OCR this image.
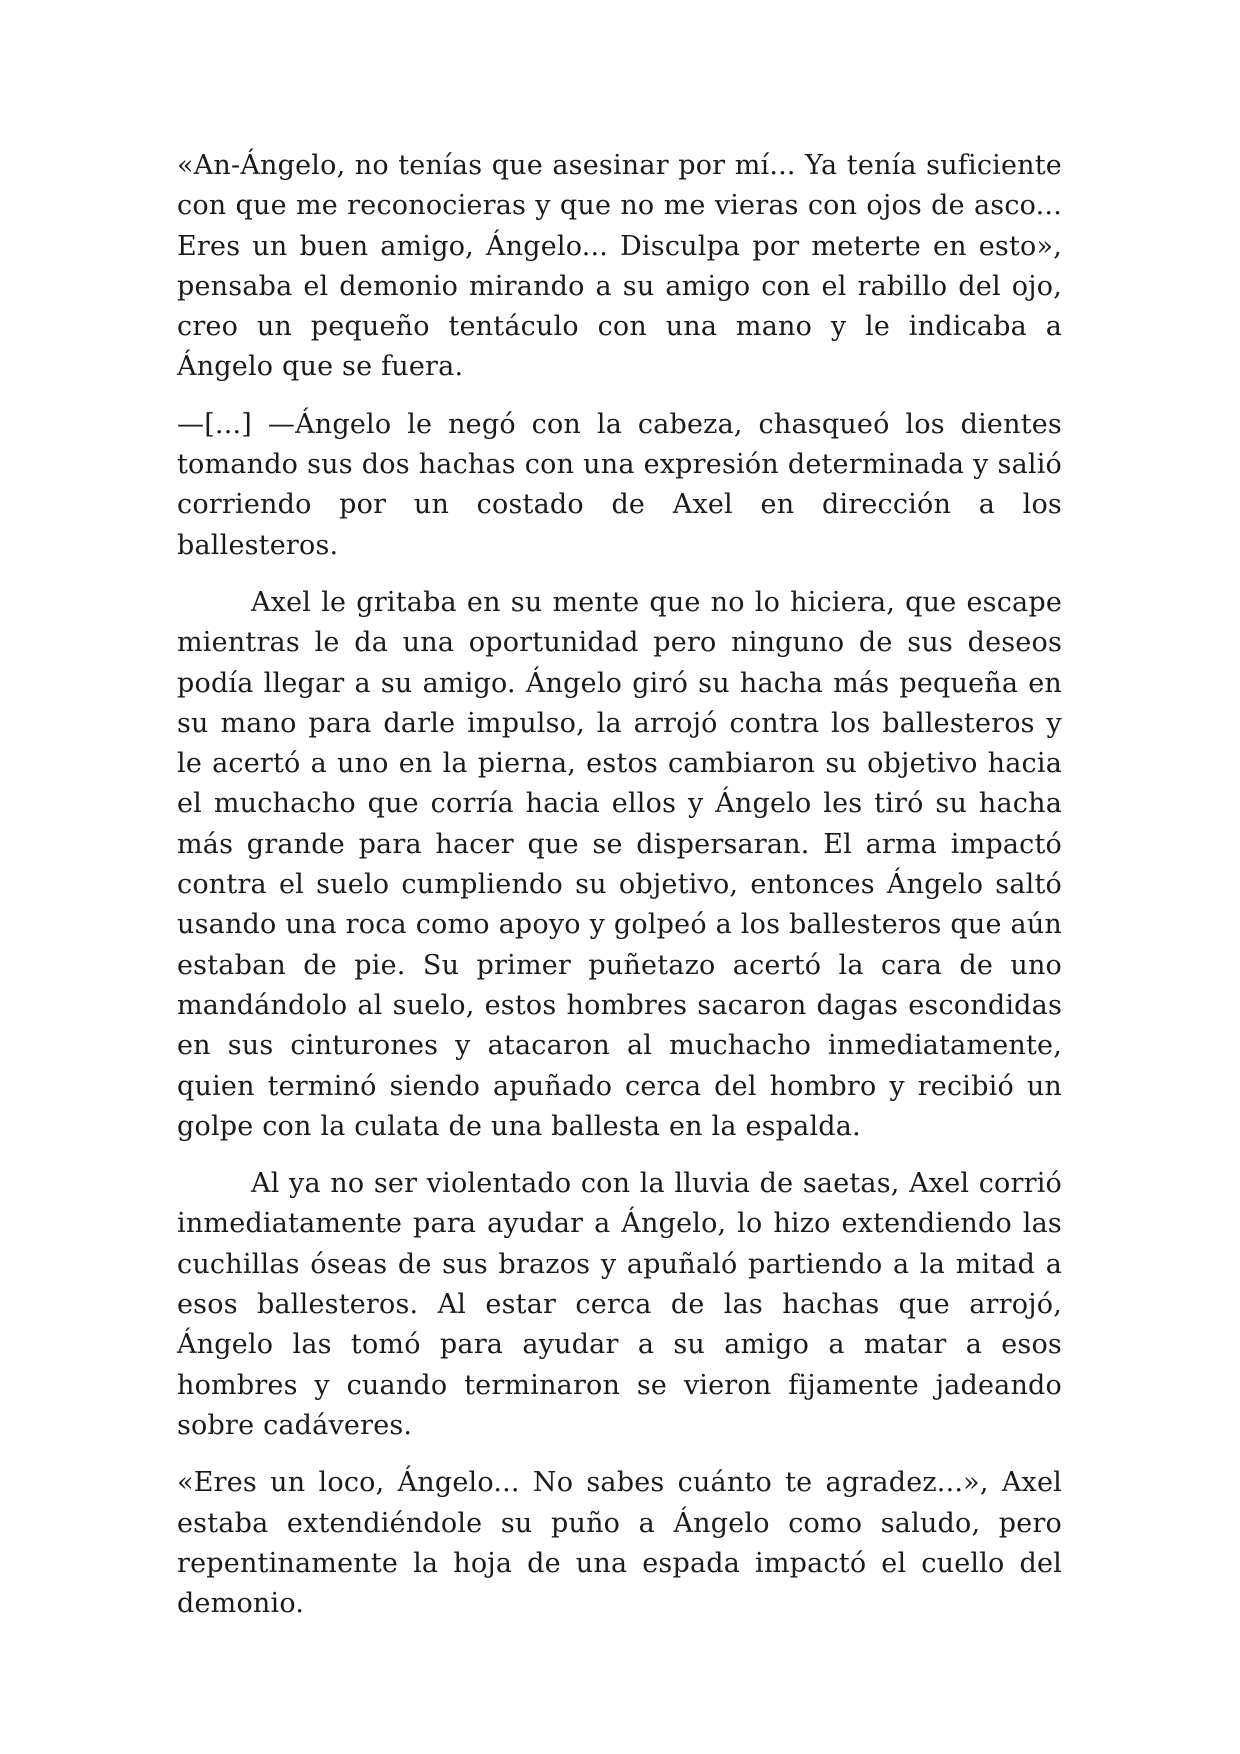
«An-Ángelo, no tenías que asesinar por mí... Ya tenía suficiente con que me reconocieras y que no me vieras con ojos de asco... Eres un buen amigo, Ángelo... Disculpa por meterte en esto», pensaba el demonio mirando a su amigo con el rabillo del ojo, creo un pequeño tentáculo con una mano y le indicaba a Ángelo que se fuera.

—[...] —Ángelo le negó con la cabeza, chasqueó los dientes tomando sus dos hachas con una expresión determinada y salió corriendo por un costado de Axel en dirección a los ballesteros.

Axel le gritaba en su mente que no lo hiciera, que escape mientras le da una oportunidad pero ninguno de sus deseos podía llegar a su amigo. Ángelo giró su hacha más pequeña en su mano para darle impulso, la arrojó contra los ballesteros y le acertó a uno en la pierna, estos cambiaron su objetivo hacia el muchacho que corría hacia ellos y Ángelo les tiró su hacha más grande para hacer que se dispersaran. El arma impactó contra el suelo cumpliendo su objetivo, entonces Ángelo saltó usando una roca como apoyo y golpeó a los ballesteros que aún estaban de pie. Su primer puñetazo acertó la cara de uno mandándolo al suelo, estos hombres sacaron dagas escondidas en sus cinturones y atacaron al muchacho inmediatamente, quien terminó siendo apuñado cerca del hombro y recibió un golpe con la culata de una ballesta en la espalda.

Al ya no ser violentado con la lluvia de saetas, Axel corrió inmediatamente para ayudar a Ángelo, lo hizo extendiendo las cuchillas óseas de sus brazos y apuñaló partiendo a la mitad a esos ballesteros. Al estar cerca de las hachas que arrojó, Ángelo las tomó para ayudar a su amigo a matar a esos hombres y cuando terminaron se vieron fijamente jadeando sobre cadáveres.

«Eres un loco, Ángelo... No sabes cuánto te agradez...», Axel estaba extendiéndole su puño a Ángelo como saludo, pero repentinamente la hoja de una espada impactó el cuello del demonio.
